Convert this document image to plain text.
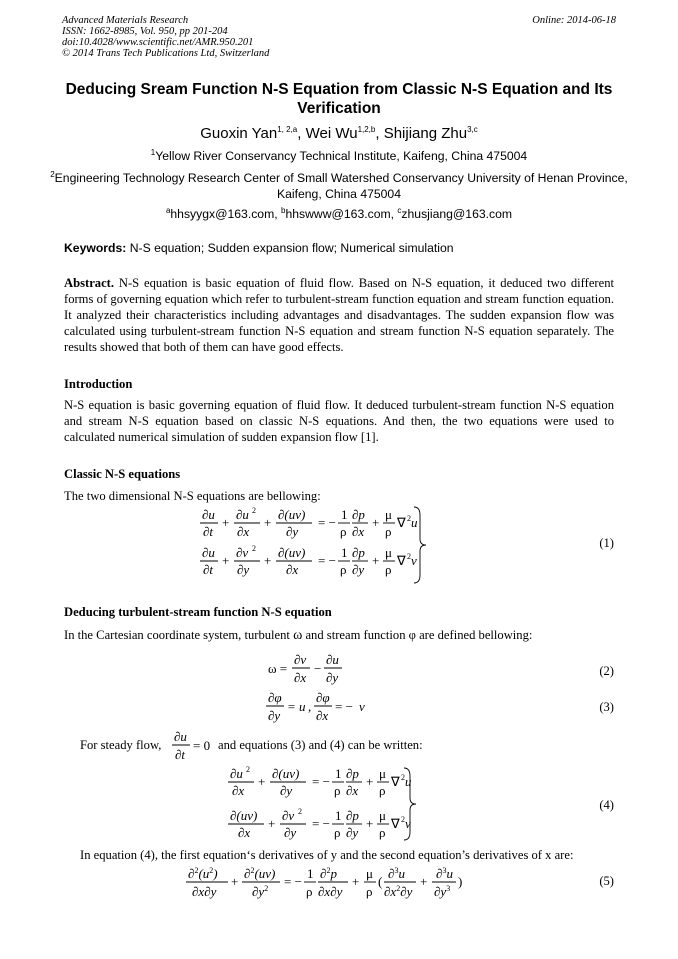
Advanced Materials Research
ISSN: 1662-8985, Vol. 950, pp 201-204
doi:10.4028/www.scientific.net/AMR.950.201
© 2014 Trans Tech Publications Ltd, Switzerland
Online: 2014-06-18
Deducing Sream Function N-S Equation from Classic N-S Equation and Its Verification
Guoxin Yan$^{1, 2,a}$, Wei Wu$^{1,2,b}$, Shijiang Zhu$^{3,c}$
$^1$Yellow River Conservancy Technical Institute, Kaifeng, China 475004
$^2$Engineering Technology Research Center of Small Watershed Conservancy University of Henan Province, Kaifeng, China 475004
$^a$hhsyygx@163.com, $^b$hhswww@163.com, $^c$zhusjiang@163.com
Keywords: N-S equation; Sudden expansion flow; Numerical simulation
Abstract. N-S equation is basic equation of fluid flow. Based on N-S equation, it deduced two different forms of governing equation which refer to turbulent-stream function equation and stream function equation. It analyzed their characteristics including advantages and disadvantages. The sudden expansion flow was calculated using turbulent-stream function N-S equation and stream function N-S equation separately. The results showed that both of them can have good effects.
Introduction
N-S equation is basic governing equation of fluid flow. It deduced turbulent-stream function N-S equation and stream N-S equation based on classic N-S equations. And then, the two equations were used to calculated numerical simulation of sudden expansion flow [1].
Classic N-S equations
The two dimensional N-S equations are bellowing:
∂u
∂t
+
∂u 2
∂x
+
∂(uv)
∂y
= −
1
ρ
∂p
∂x
+
μ
ρ
∇ 2 u
∂u
∂t
+
∂v 2
∂y
+
∂(uv)
∂x
= −
1
ρ
∂p
∂y
+
μ
ρ
∇ 2 v
(1)
Deducing turbulent-stream function N-S equation
In the Cartesian coordinate system, turbulent ω and stream function φ are defined bellowing:
ω =
∂v
∂x
−
∂u
∂y	(2)
∂φ
∂y
= u ,
∂φ
∂x
= − v	(3)
For steady flow,
∂u
∂t
= 0 and equations (3) and (4) can be written:
∂u 2
∂x
+
∂(uv)
∂y
= −
1
ρ
∂p
∂x
+
μ
ρ
∇ 2 u
∂(uv)
∂x
+
∂v 2
∂y
= −
1
ρ
∂p
∂y
+
μ
ρ
∇ 2 v
(4)
In equation (4), the first equation‘s derivatives of y and the second equation’s derivatives of x are:
$\partial^2(u^2)$
∂x∂y
+
∂$^2$(uv)
$\partial y^2$ = −
1
ρ
∂$^2$p
∂x∂y
+
μ
ρ
(
∂$^3$u
$\partial x^2\partial y$
+
∂$^3$u
$\partial y^3$ )	(5)
